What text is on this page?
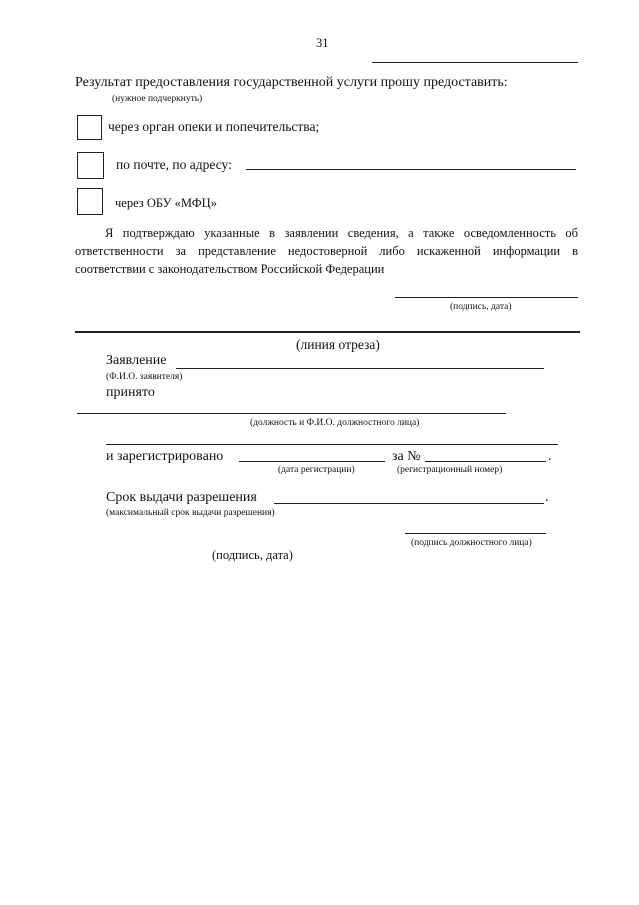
31
Результат предоставления государственной услуги прошу предоставить:
(нужное подчеркнуть)
через орган опеки и попечительства;
по почте, по адресу:
через ОБУ «МФЦ»
Я подтверждаю указанные в заявлении сведения, а также осведомленность об ответственности за представление недостоверной либо искаженной информации в соответствии с законодательством Российской Федерации
(подпись, дата)
(линия отреза)
Заявление
(Ф.И.О. заявителя)
принято
(должность и Ф.И.О. должностного лица)
и зарегистрировано	за №	.
(дата регистрации)	(регистрационный номер)
Срок выдачи разрешения	.
(максимальный срок выдачи разрешения)
(подпись должностного лица)
(подпись, дата)
